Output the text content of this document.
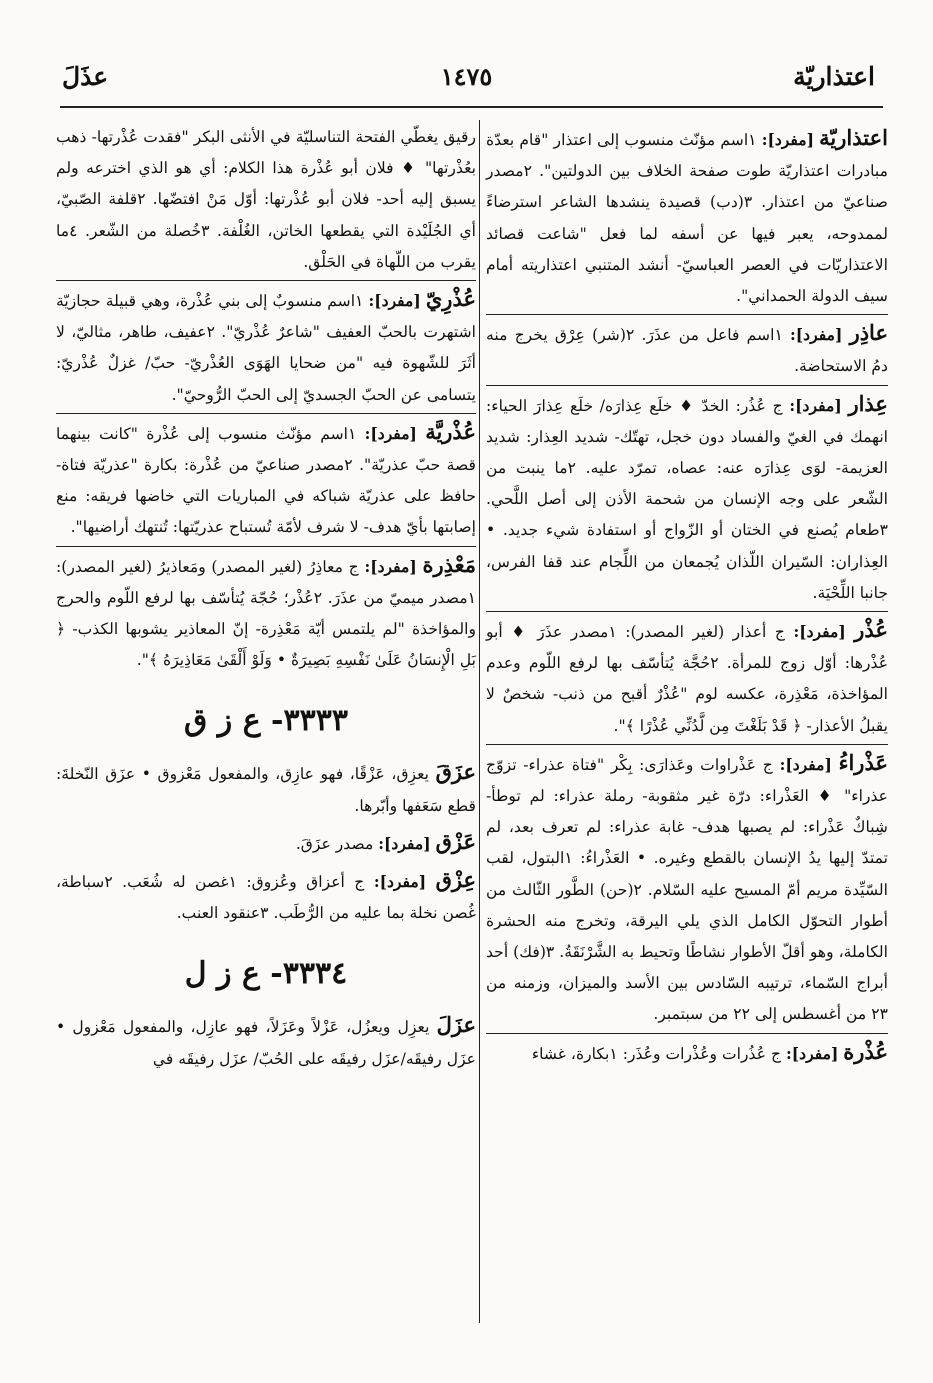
اعتذاريّة
١٤٧٥
عذَلَ
اعتذاريّة [مفرد]: ١اسم مؤنّث منسوب إلى اعتذار "قام بعدّة مبادرات اعتذاريّة طوت صفحة الخلاف بين الدولتين". ٢مصدر صناعيّ من اعتذار. ٣(دب) قصيدة ينشدها الشاعر استرضاءً لممدوحه، يعبر فيها عن أسفه لما فعل "شاعت قصائد الاعتذاريّات في العصر العباسيّ- أنشد المتنبي اعتذاريته أمام سيف الدولة الحمداني".
عاذِر [مفرد]: ١اسم فاعل من عذَرَ. ٢(شر) عِرْق يخرج منه دمُ الاستحاضة.
عِذار [مفرد]: ج عُذُر: الخدّ ♦ خلَع عِذارَه/ خلَع عِذارَ الحياء: انهمك في الغيّ والفساد دون خجل، تهتّك- شديد العِذار: شديد العزيمة- لوَى عِذارَه عنه: عصاه، تمرّد عليه. ٢ما ينبت من الشّعر على وجه الإنسان من شحمة الأذن إلى أصل اللَّحي. ٣طعام يُصنع في الختان أو الزّواج أو استفادة شيء جديد. • العِذاران: السّيران اللّذان يُجمعان من اللِّجام عند قفا الفرس، جانبا اللِّحْيَة.
عُذْر [مفرد]: ج أعذار (لغير المصدر): ١مصدر عذَرَ ♦ أبو عُذْرها: أوّل زوج للمرأة. ٢حُجَّة يُتأسّف بها لرفع اللّوم وعدم المؤاخذة، مَعْذِرة، عكسه لوم "عُذْرٌ أقبح من ذنب- شخصٌ لا يقبلُ الأعذار- ﴿ قَدْ بَلَغْتَ مِن لَّدُنِّي عُذْرًا ﴾".
عَذْراءُ [مفرد]: ج عَذْراوات وعَذارَى: بِكْر "فتاة عذراء- تزوّج عذراء" ♦ العَذْراء: درّة غير مثقوبة- رملة عذراء: لم توطأ- شِباكٌ عَذْراء: لم يصبها هدف- غابة عذراء: لم تعرف بعد، لم تمتدّ إليها يدُ الإنسان بالقطع وغيره. • العَذْراءُ: ١البتول، لقب السّيِّدة مريم أمّ المسيح عليه السّلام. ٢(حن) الطَّور الثّالث من أطوار التحوّل الكامل الذي يلي اليرقة، وتخرج منه الحشرة الكاملة، وهو أقلّ الأطوار نشاطًا وتحيط به الشَّرْنَقَةُ. ٣(فك) أحد أبراج السّماء، ترتيبه السّادس بين الأسد والميزان، وزمنه من ٢٣ من أغسطس إلى ٢٢ من سبتمبر.
عُذْرة [مفرد]: ج عُذُرات وعُذْرات وعُذَر: ١بكارة، غشاء
رقيق يغطّي الفتحة التناسليّة في الأنثى البكر "فقدت عُذْرتها- ذهب بعُذْرتها" ♦ فلان أبو عُذْرة هذا الكلام: أي هو الذي اخترعه ولم يسبق إليه أحد- فلان أبو عُذْرتها: أوّل مَنْ افتضّها. ٢قلفة الصّبيّ، أي الجُلَيْدة التي يقطعها الخاتن، الغُلْفة. ٣خُصلة من الشّعر. ٤ما يقرب من اللّهاة في الحَلْق.
عُذْرِيّ [مفرد]: ١اسم منسوبٌ إلى بني عُذْرة، وهي قبيلة حجازيّة اشتهرت بالحبّ العفيف "شاعرٌ عُذْريّ". ٢عفيف، طاهر، مثاليّ، لا أثَرَ للشّهوة فيه "من ضحايا الهَوَى العُذْريّ- حبّ/ غزلٌ عُذْريّ: يتسامى عن الحبّ الجسديّ إلى الحبّ الرُّوحيّ".
عُذْريَّة [مفرد]: ١اسم مؤنّث منسوب إلى عُذْرة "كانت بينهما قصة حبّ عذريّة". ٢مصدر صناعيّ من عُذْرة: بكارة "عذريّة فتاة- حافظ على عذريّة شباكه في المباريات التي خاضها فريقه: منع إصابتها بأيّ هدف- لا شرف لأمّة تُستباح عذريّتها: تُنتهك أراضيها".
مَعْذِرة [مفرد]: ج معاذِرُ (لغير المصدر) ومَعاذيرُ (لغير المصدر): ١مصدر ميميّ من عذَرَ. ٢عُذْر؛ حُجّة يُتأسّف بها لرفع اللّوم والحرج والمؤاخذة "لم يلتمس أيّة مَعْذِرة- إنّ المعاذير يشوبها الكذب- ﴿ بَلِ الْإِنسَانُ عَلَىٰ نَفْسِهِ بَصِيرَةٌ • وَلَوْ أَلْقَىٰ مَعَاذِيرَهُ ﴾".
٣٣٣٣- ع ز ق
عزَقَ يعزِق، عَزْقًا، فهو عازِق، والمفعول مَعْزوق • عزَق النّخلةَ: قطع سَعَفها وأبّرها.
عَزْق [مفرد]: مصدر عزَقَ.
عِزْق [مفرد]: ج أعزاق وعُزوق: ١غصن له شُعَب. ٢سباطة، غُصن نخلة بما عليه من الرُّطَب. ٣عنقود العنب.
٣٣٣٤- ع ز ل
عزَلَ يعزِل ويعزُل، عَزْلاً وعَزَلاً، فهو عازِل، والمفعول مَعْزول • عزَل رفيقَه/عزَل رفيقَه على الحُبّ/ عزَل رفيقَه في
